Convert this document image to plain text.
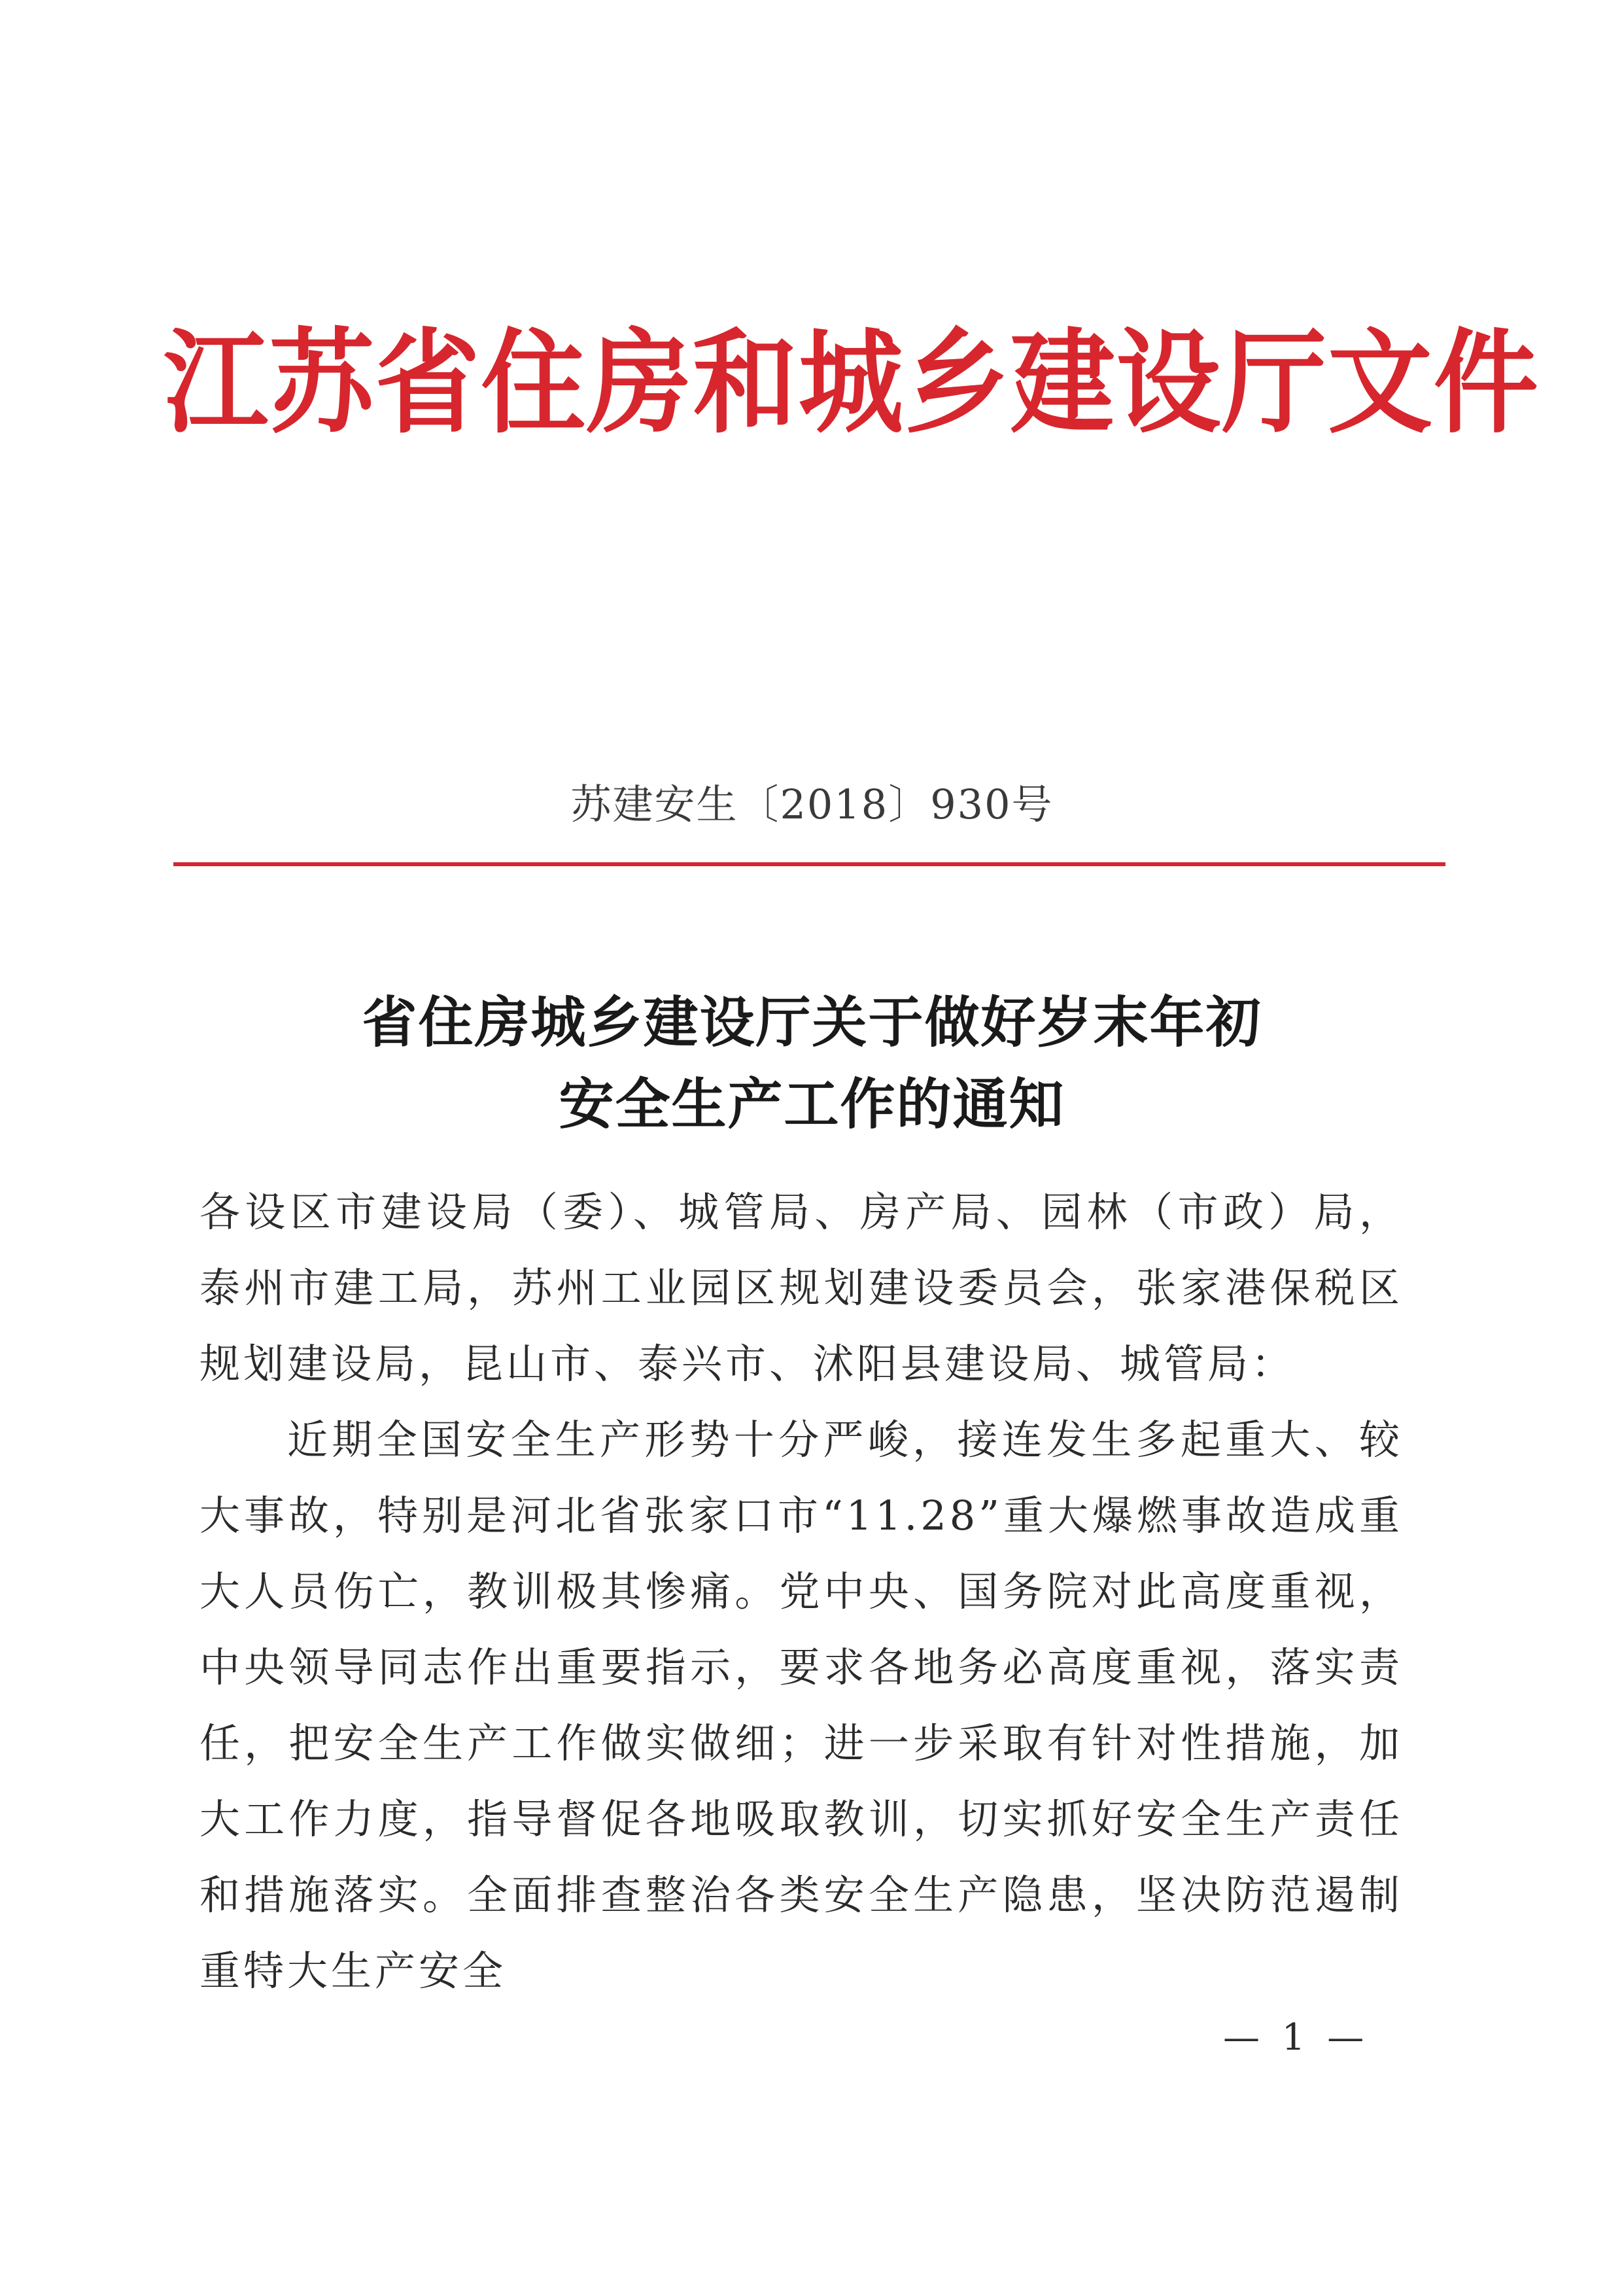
江苏省住房和城乡建设厅文件
苏建安生〔2018〕930号
省住房城乡建设厅关于做好岁末年初
安全生产工作的通知

各设区市建设局（委）、城管局、房产局、园林（市政）局，泰州市建工局，苏州工业园区规划建设委员会，张家港保税区规划建设局，昆山市、泰兴市、沭阳县建设局、城管局：

近期全国安全生产形势十分严峻，接连发生多起重大、较大事故，特别是河北省张家口市“11.28”重大爆燃事故造成重大人员伤亡，教训极其惨痛。党中央、国务院对此高度重视，中央领导同志作出重要指示，要求各地务必高度重视，落实责任，把安全生产工作做实做细；进一步采取有针对性措施，加大工作力度，指导督促各地吸取教训，切实抓好安全生产责任和措施落实。全面排查整治各类安全生产隐患，坚决防范遏制重特大生产安全

— 1 —
